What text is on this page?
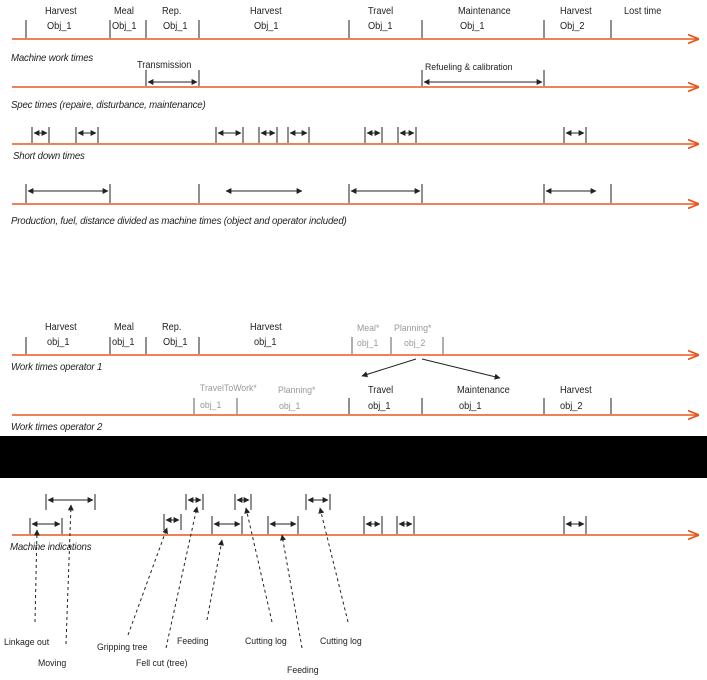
Harvest
Obj_1
Meal
Obj_1
Rep.
Obj_1
Harvest
Obj_1
Travel
Obj_1
Maintenance
Obj_1
Harvest
Obj_2
Lost time
Machine work times
Transmission	Refueling & calibration
Spec times (repaire, disturbance, maintenance)
Short down times
Production, fuel, distance divided as machine times (object and operator included)
Harvest
obj_1
Meal
obj_1
Rep.
Obj_1
Harvest
obj_1
Meal*
obj_1
Planning*
obj_2
Work times operator 1
TravelToWork*
obj_1
Planning*
obj_1
Travel
obj_1
Maintenance
obj_1
Harvest
obj_2
Work times operator 2
Machine indications
Linkage out
Moving
Gripping tree
Feeding
Fell cut (tree)
Cutting log
Feeding
Cutting log
